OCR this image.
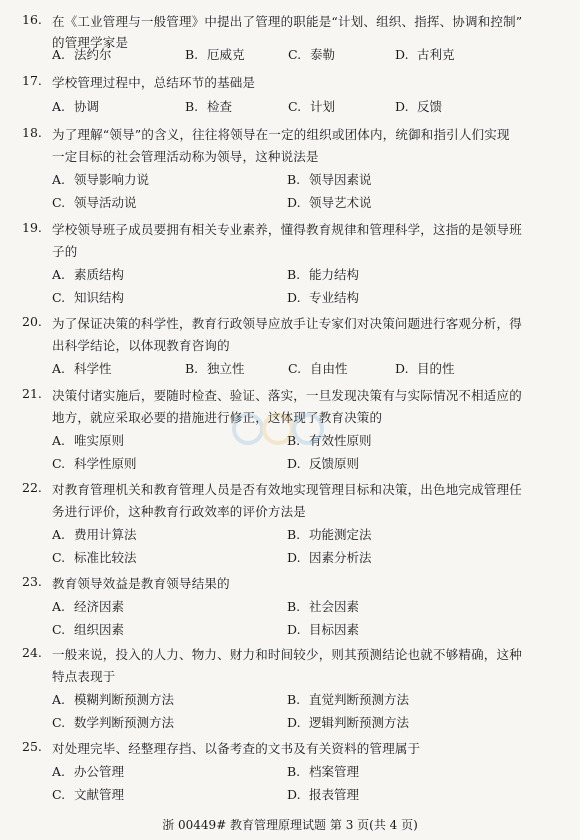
16. 在《工业管理与一般管理》中提出了管理的职能是“计划、组织、指挥、协调和控制”
的管理学家是
A. 法约尔	B. 厄威克	C. 泰勒	D. 古利克
17. 学校管理过程中，总结环节的基础是
A. 协调	B. 检查	C. 计划	D. 反馈
18. 为了理解“领导”的含义，往往将领导在一定的组织或团体内，统御和指引人们实现
一定目标的社会管理活动称为领导，这种说法是
A. 领导影响力说	B. 领导因素说
C. 领导活动说	D. 领导艺术说
19. 学校领导班子成员要拥有相关专业素养，懂得教育规律和管理科学，这指的是领导班
子的
A. 素质结构	B. 能力结构
C. 知识结构	D. 专业结构
20. 为了保证决策的科学性，教育行政领导应放手让专家们对决策问题进行客观分析，得
出科学结论，以体现教育咨询的
A. 科学性	B. 独立性	C. 自由性	D. 目的性
21. 决策付诸实施后，要随时检查、验证、落实，一旦发现决策有与实际情况不相适应的
地方，就应采取必要的措施进行修正，这体现了教育决策的
A. 唯实原则	B. 有效性原则
C. 科学性原则	D. 反馈原则
22. 对教育管理机关和教育管理人员是否有效地实现管理目标和决策，出色地完成管理任
务进行评价，这种教育行政效率的评价方法是
A. 费用计算法	B. 功能测定法
C. 标准比较法	D. 因素分析法
23. 教育领导效益是教育领导结果的
A. 经济因素	B. 社会因素
C. 组织因素	D. 目标因素
24. 一般来说，投入的人力、物力、财力和时间较少，则其预测结论也就不够精确，这种
特点表现于
A. 模糊判断预测方法	B. 直觉判断预测方法
C. 数学判断预测方法	D. 逻辑判断预测方法
25. 对处理完毕、经整理存挡、以备考查的文书及有关资料的管理属于
A. 办公管理	B. 档案管理
C. 文献管理	D. 报表管理
浙 00449# 教育管理原理试题 第 3 页(共 4 页)
